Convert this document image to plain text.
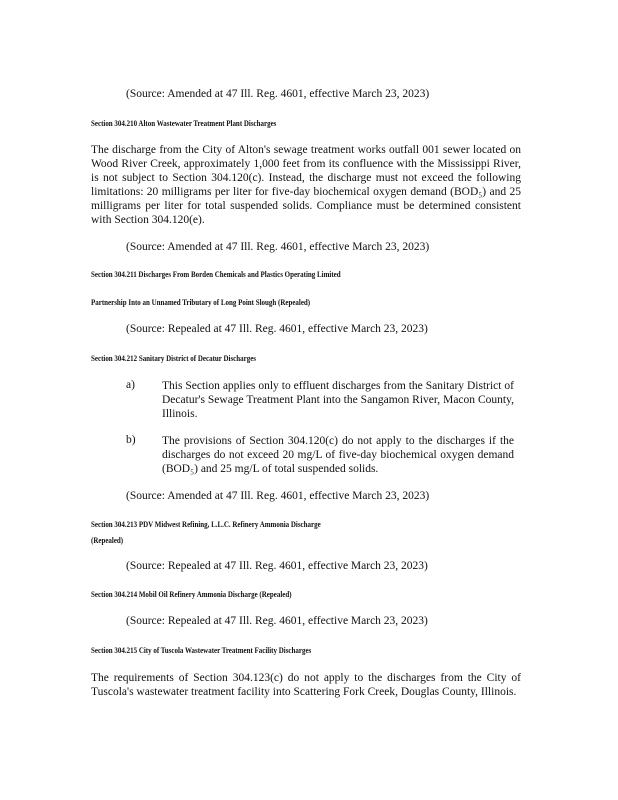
(Source: Amended at 47 Ill. Reg. 4601, effective March 23, 2023)
Section 304.210 Alton Wastewater Treatment Plant Discharges
The discharge from the City of Alton's sewage treatment works outfall 001 sewer located on Wood River Creek, approximately 1,000 feet from its confluence with the Mississippi River, is not subject to Section 304.120(c). Instead, the discharge must not exceed the following limitations: 20 milligrams per liter for five-day biochemical oxygen demand (BOD₅) and 25 milligrams per liter for total suspended solids. Compliance must be determined consistent with Section 304.120(e).
(Source: Amended at 47 Ill. Reg. 4601, effective March 23, 2023)
Section 304.211 Discharges From Borden Chemicals and Plastics Operating Limited
Partnership Into an Unnamed Tributary of Long Point Slough (Repealed)
(Source: Repealed at 47 Ill. Reg. 4601, effective March 23, 2023)
Section 304.212 Sanitary District of Decatur Discharges
a) This Section applies only to effluent discharges from the Sanitary District of Decatur's Sewage Treatment Plant into the Sangamon River, Macon County, Illinois.
b) The provisions of Section 304.120(c) do not apply to the discharges if the discharges do not exceed 20 mg/L of five-day biochemical oxygen demand (BOD₅) and 25 mg/L of total suspended solids.
(Source: Amended at 47 Ill. Reg. 4601, effective March 23, 2023)
Section 304.213 PDV Midwest Refining, L.L.C. Refinery Ammonia Discharge
(Repealed)
(Source: Repealed at 47 Ill. Reg. 4601, effective March 23, 2023)
Section 304.214 Mobil Oil Refinery Ammonia Discharge (Repealed)
(Source: Repealed at 47 Ill. Reg. 4601, effective March 23, 2023)
Section 304.215 City of Tuscola Wastewater Treatment Facility Discharges
The requirements of Section 304.123(c) do not apply to the discharges from the City of Tuscola's wastewater treatment facility into Scattering Fork Creek, Douglas County, Illinois.
